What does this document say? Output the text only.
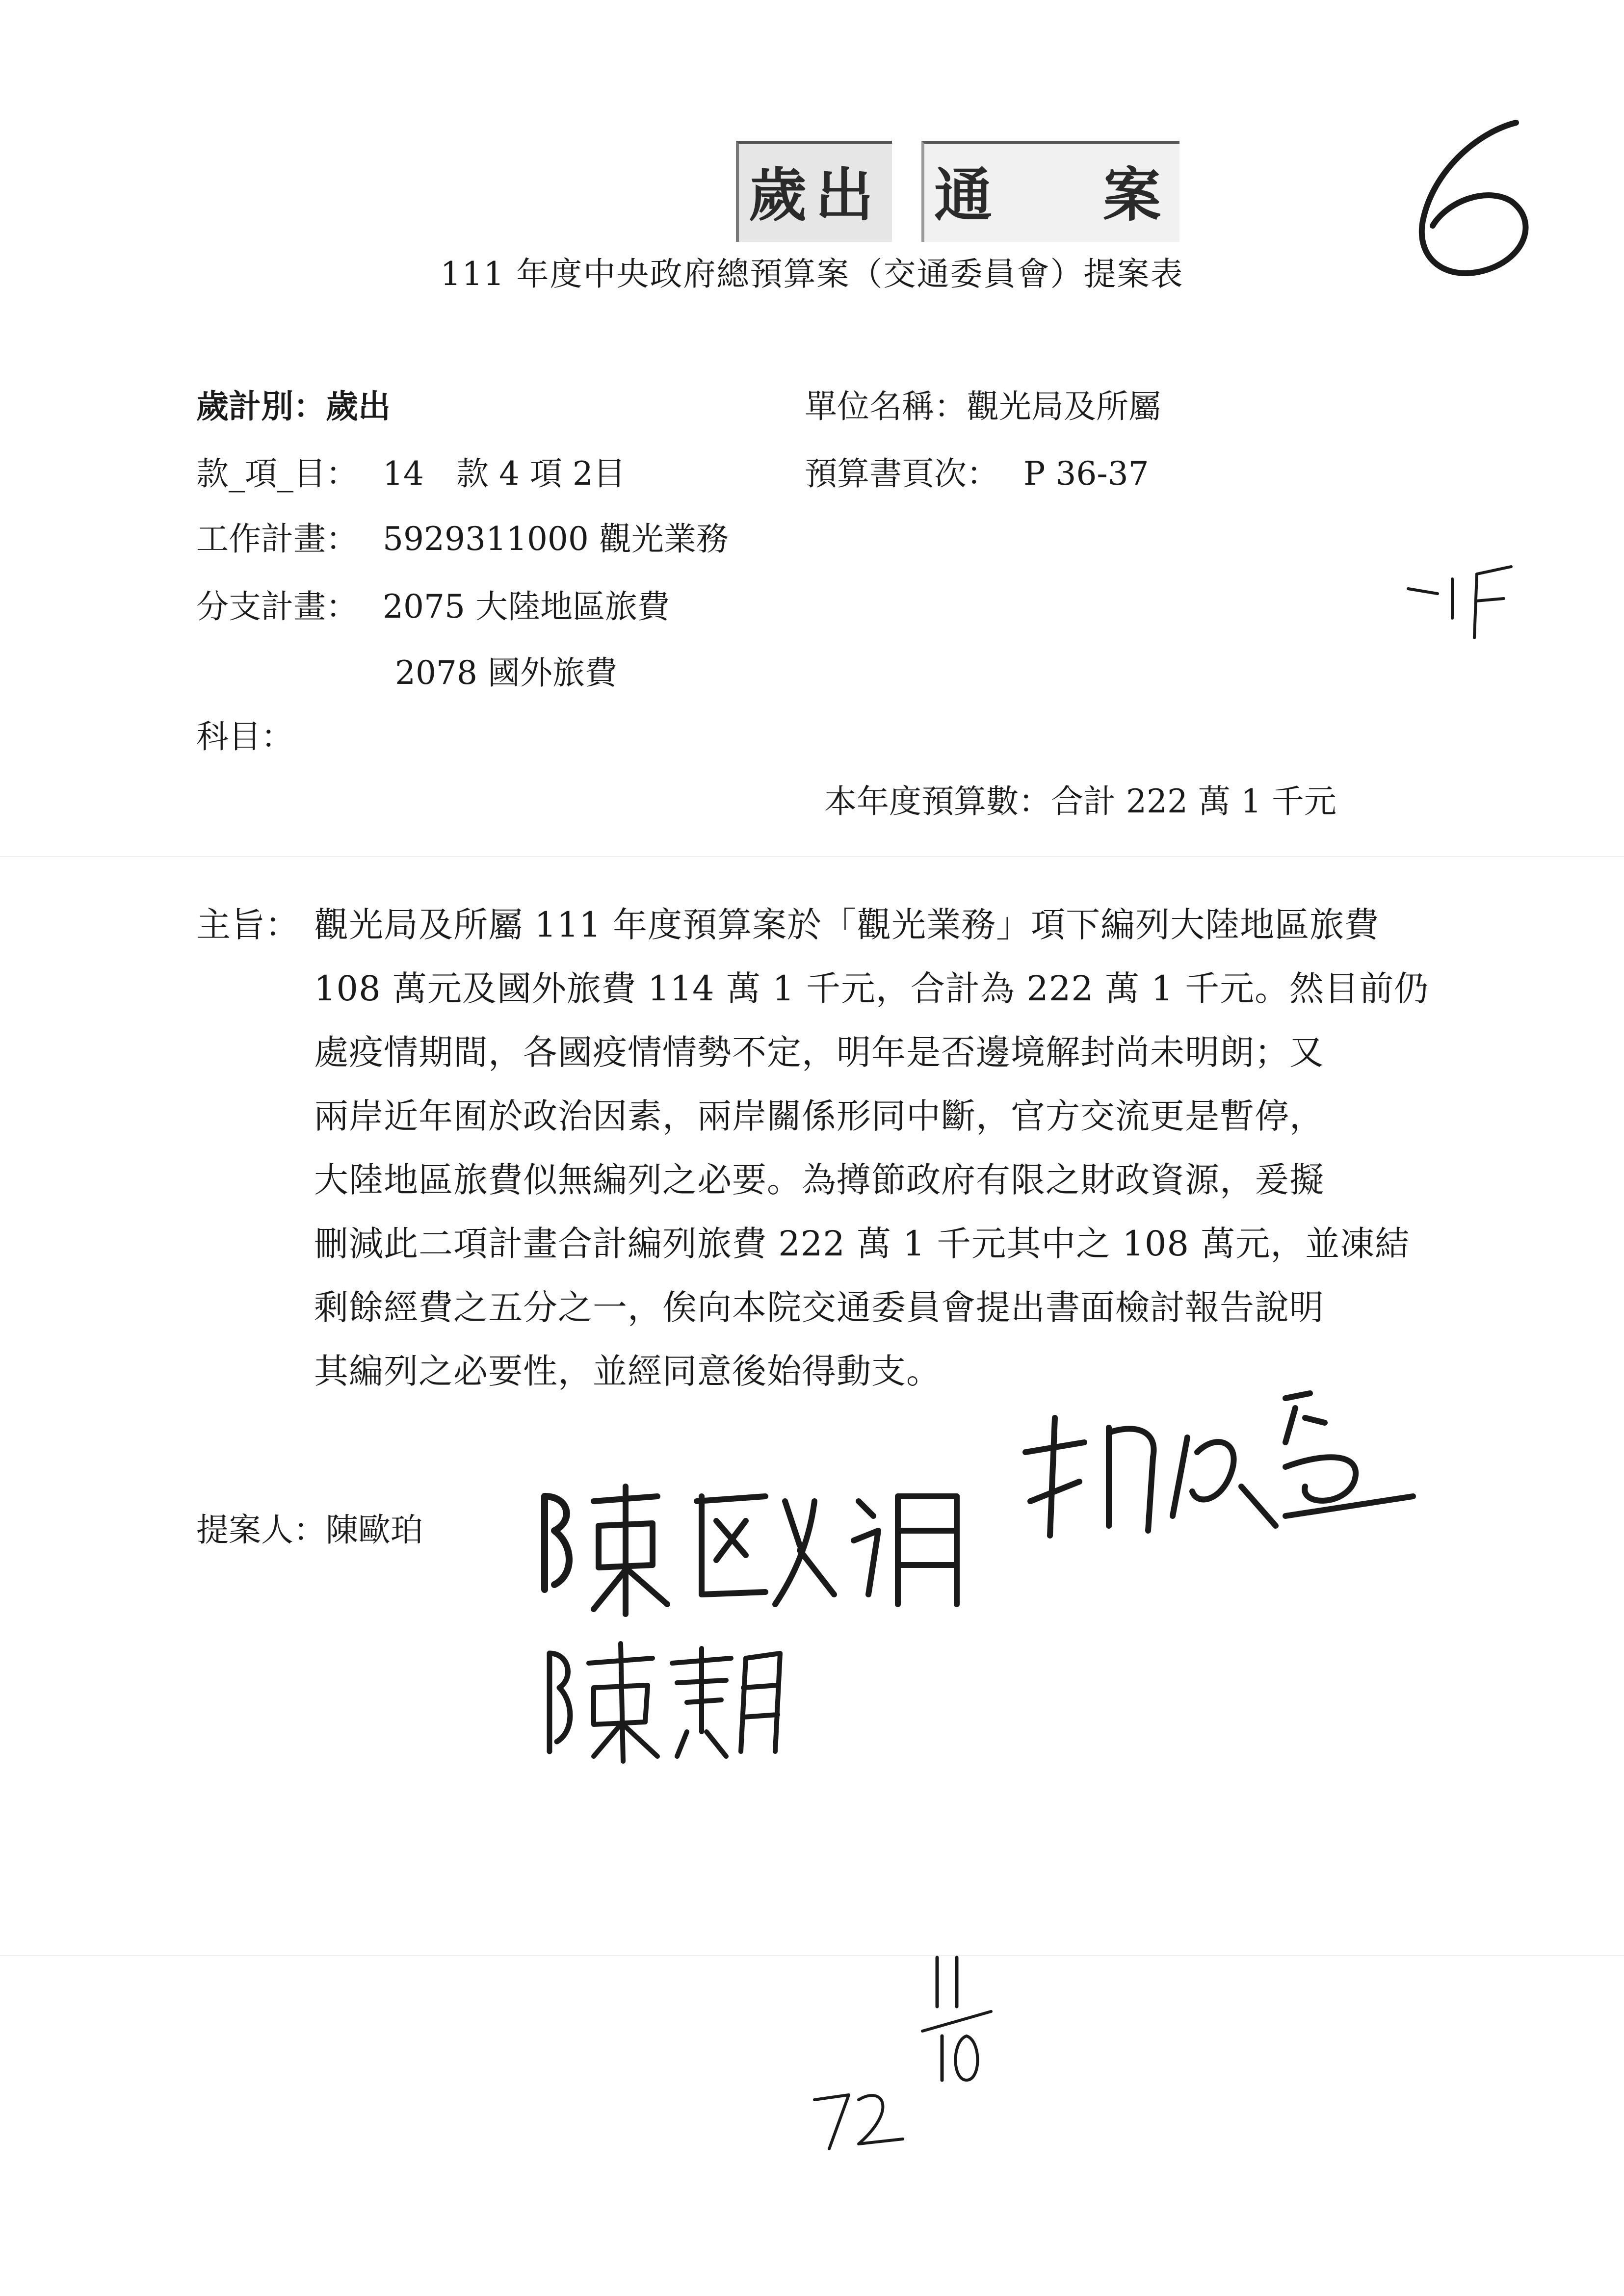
歲出 通 案
111 年度中央政府總預算案（交通委員會）提案表
歲計別：歲出	單位名稱：觀光局及所屬
款_項_目： 14　款 4 項 2目	預算書頁次： P 36-37
工作計畫： 5929311000 觀光業務
分支計畫： 2075 大陸地區旅費
2078 國外旅費
科目：
本年度預算數：合計 222 萬 1 千元
主旨： 觀光局及所屬 111 年度預算案於「觀光業務」項下編列大陸地區旅費
108 萬元及國外旅費 114 萬 1 千元，合計為 222 萬 1 千元。然目前仍
處疫情期間，各國疫情情勢不定，明年是否邊境解封尚未明朗；又
兩岸近年囿於政治因素，兩岸關係形同中斷，官方交流更是暫停，
大陸地區旅費似無編列之必要。為撙節政府有限之財政資源，爰擬
刪減此二項計畫合計編列旅費 222 萬 1 千元其中之 108 萬元，並凍結
剩餘經費之五分之一，俟向本院交通委員會提出書面檢討報告說明
其編列之必要性，並經同意後始得動支。
提案人：陳歐珀
